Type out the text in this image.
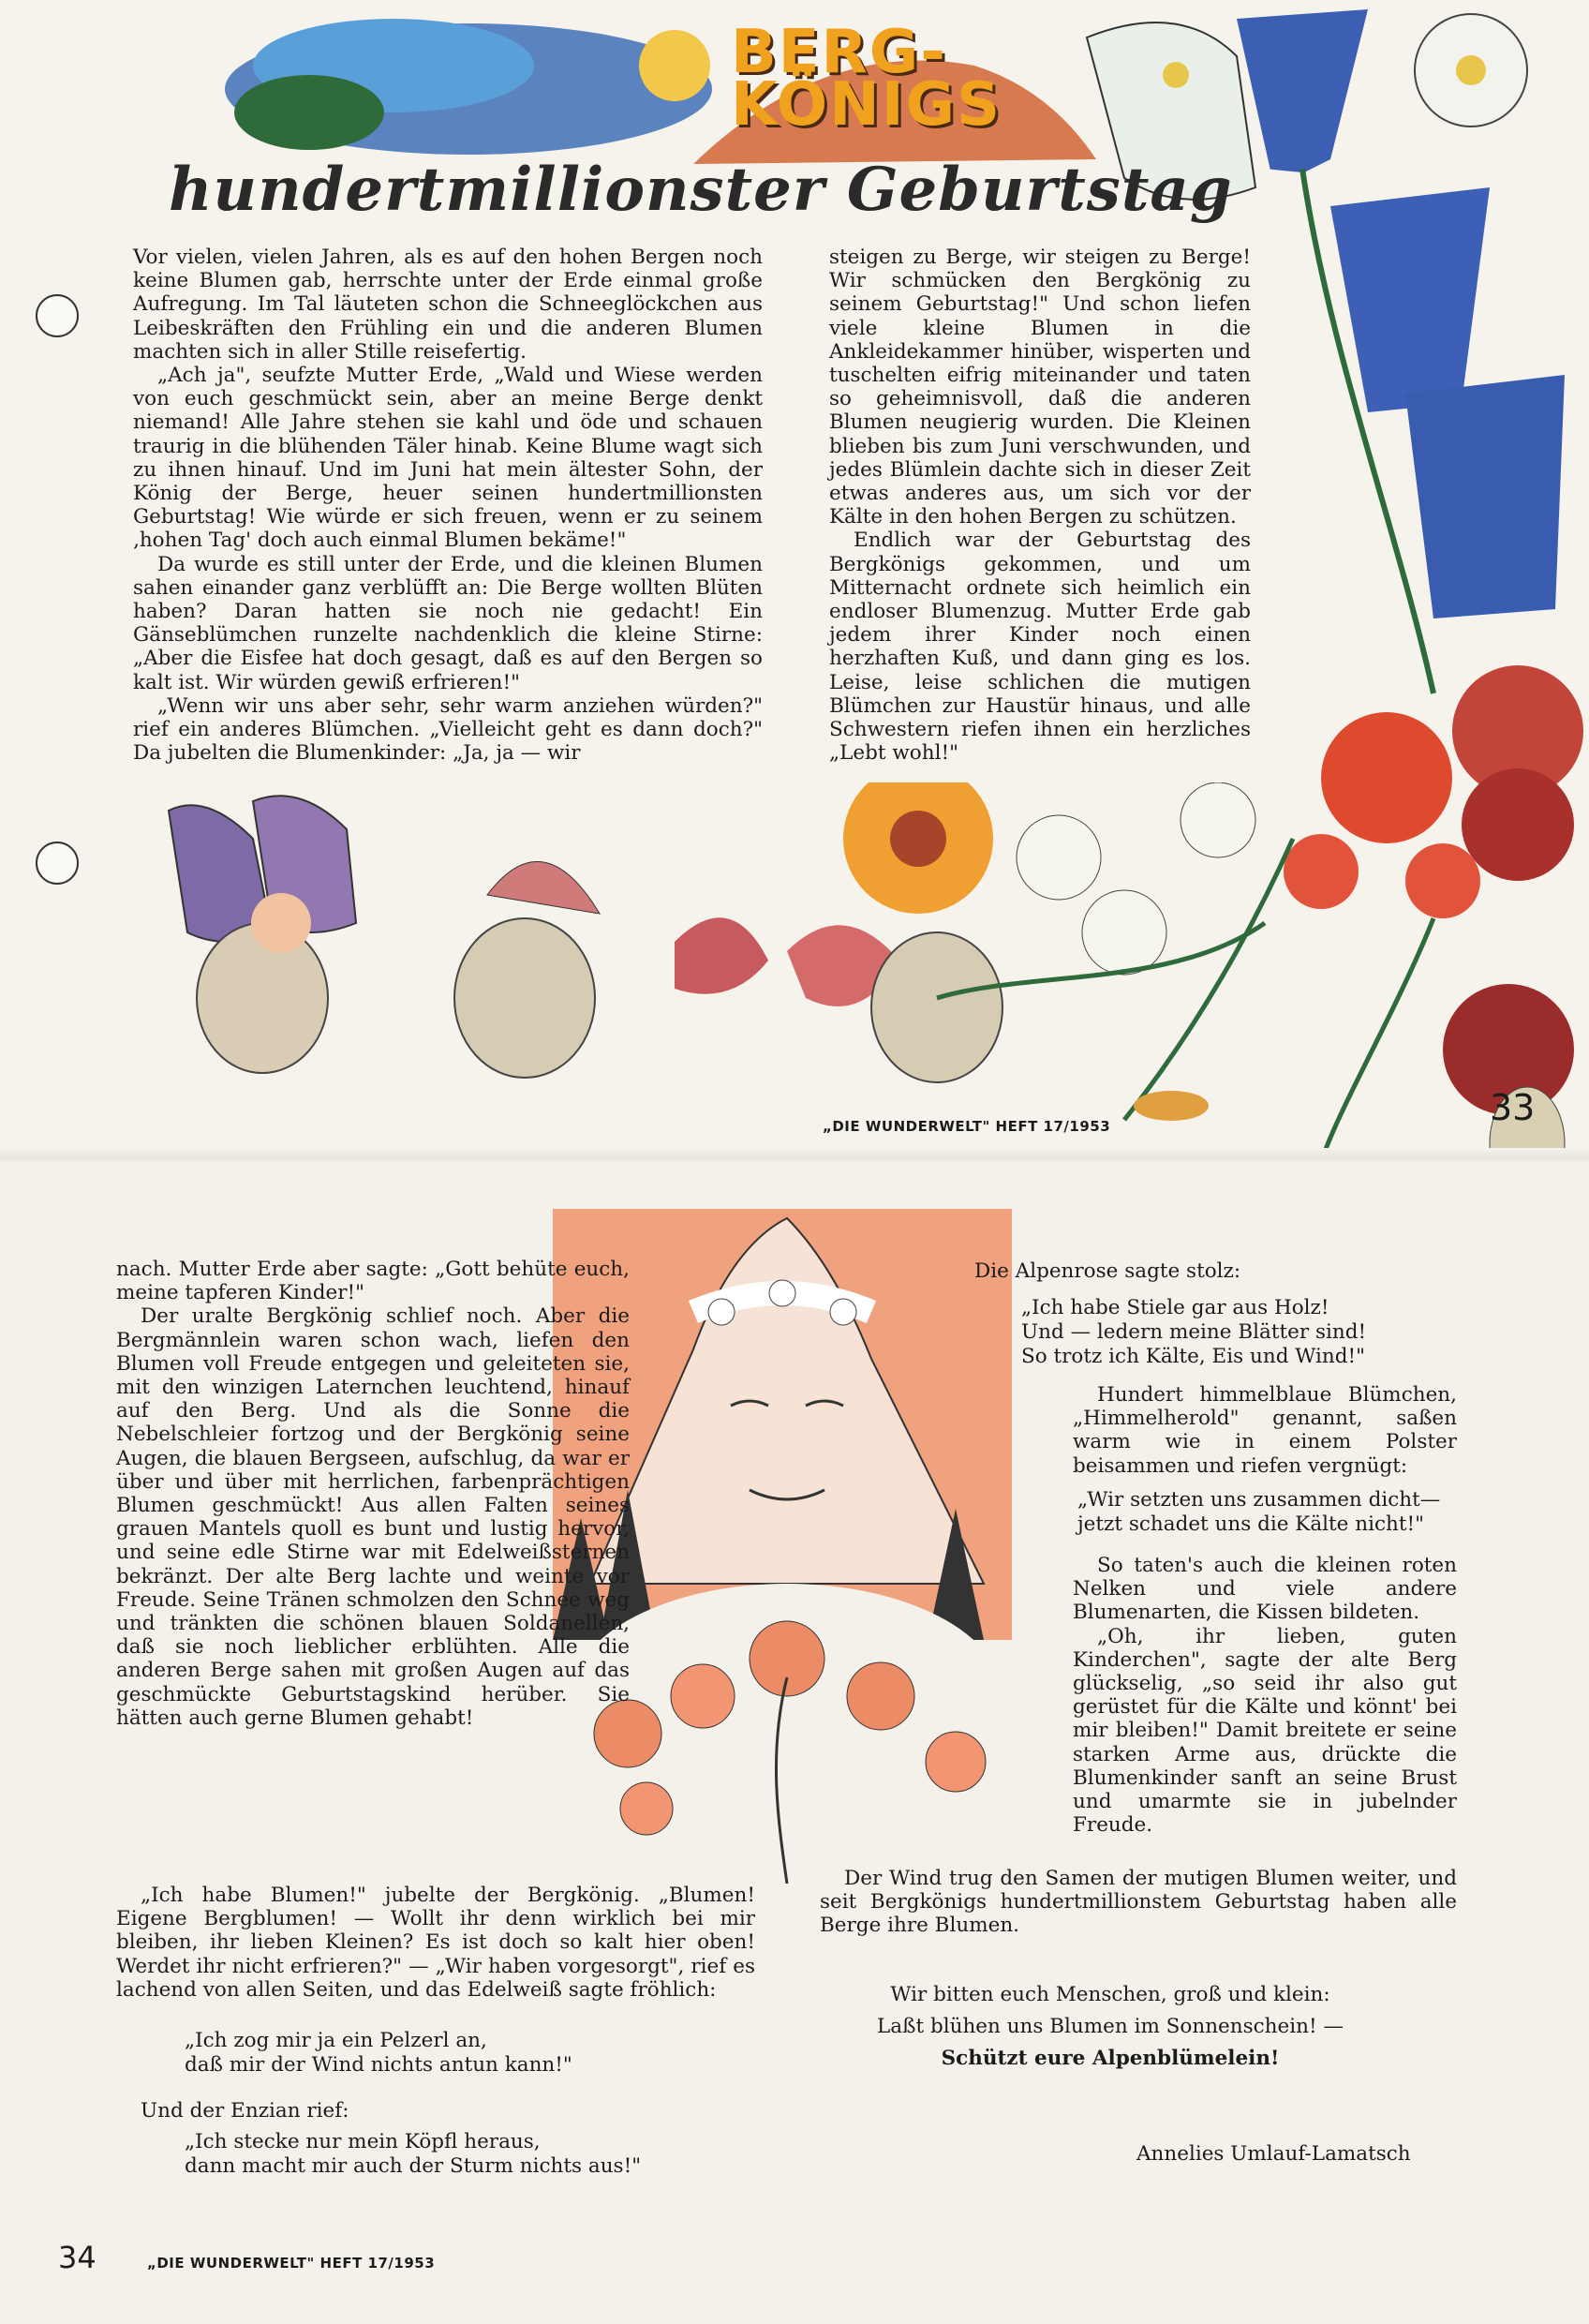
BERG-
KÖNIGS
hundertmillionster Geburtstag

Vor vielen, vielen Jahren, als es auf den hohen Bergen noch keine Blumen gab, herrschte unter der Erde einmal große Aufregung. Im Tal läuteten schon die Schneeglöckchen aus Leibeskräften den Frühling ein und die anderen Blumen machten sich in aller Stille reisefertig.

„Ach ja", seufzte Mutter Erde, „Wald und Wiese werden von euch geschmückt sein, aber an meine Berge denkt niemand! Alle Jahre stehen sie kahl und öde und schauen traurig in die blühenden Täler hinab. Keine Blume wagt sich zu ihnen hinauf. Und im Juni hat mein ältester Sohn, der König der Berge, heuer seinen hundertmillionsten Geburtstag! Wie würde er sich freuen, wenn er zu seinem ‚hohen Tag' doch auch einmal Blumen bekäme!"

Da wurde es still unter der Erde, und die kleinen Blumen sahen einander ganz verblüfft an: Die Berge wollten Blüten haben? Daran hatten sie noch nie gedacht! Ein Gänseblümchen runzelte nachdenklich die kleine Stirne: „Aber die Eisfee hat doch gesagt, daß es auf den Bergen so kalt ist. Wir würden gewiß erfrieren!"

„Wenn wir uns aber sehr, sehr warm anziehen würden?" rief ein anderes Blümchen. „Vielleicht geht es dann doch?" Da jubelten die Blumenkinder: „Ja, ja — wir

steigen zu Berge, wir steigen zu Berge! Wir schmücken den Bergkönig zu seinem Geburtstag!" Und schon liefen viele kleine Blumen in die Ankleidekammer hinüber, wisperten und tuschelten eifrig miteinander und taten so geheimnisvoll, daß die anderen Blumen neugierig wurden. Die Kleinen blieben bis zum Juni verschwunden, und jedes Blümlein dachte sich in dieser Zeit etwas anderes aus, um sich vor der Kälte in den hohen Bergen zu schützen.

Endlich war der Geburtstag des Bergkönigs gekommen, und um Mitternacht ordnete sich heimlich ein endloser Blumenzug. Mutter Erde gab jedem ihrer Kinder noch einen herzhaften Kuß, und dann ging es los. Leise, leise schlichen die mutigen Blümchen zur Haustür hinaus, und alle Schwestern riefen ihnen ein herzliches „Lebt wohl!"

„DIE WUNDERWELT" HEFT 17/1953	33

nach. Mutter Erde aber sagte: „Gott behüte euch, meine tapferen Kinder!"

Der uralte Bergkönig schlief noch. Aber die Bergmännlein waren schon wach, liefen den Blumen voll Freude entgegen und geleiteten sie, mit den winzigen Laternchen leuchtend, hinauf auf den Berg. Und als die Sonne die Nebelschleier fortzog und der Bergkönig seine Augen, die blauen Bergseen, aufschlug, da war er über und über mit herrlichen, farbenprächtigen Blumen geschmückt! Aus allen Falten seines grauen Mantels quoll es bunt und lustig hervor, und seine edle Stirne war mit Edelweißsternen bekränzt. Der alte Berg lachte und weinte vor Freude. Seine Tränen schmolzen den Schnee weg und tränkten die schönen blauen Soldanellen, daß sie noch lieblicher erblühten. Alle die anderen Berge sahen mit großen Augen auf das geschmückte Geburtstagskind herüber. Sie hätten auch gerne Blumen gehabt!

„Ich habe Blumen!" jubelte der Bergkönig. „Blumen! Eigene Bergblumen! — Wollt ihr denn wirklich bei mir bleiben, ihr lieben Kleinen? Es ist doch so kalt hier oben! Werdet ihr nicht erfrieren?" — „Wir haben vorgesorgt", rief es lachend von allen Seiten, und das Edelweiß sagte fröhlich:

„Ich zog mir ja ein Pelzerl an,
daß mir der Wind nichts antun kann!"
Und der Enzian rief:
„Ich stecke nur mein Köpfl heraus,
dann macht mir auch der Sturm nichts aus!"
Die Alpenrose sagte stolz:
„Ich habe Stiele gar aus Holz!
Und — ledern meine Blätter sind!
So trotz ich Kälte, Eis und Wind!"

Hundert himmelblaue Blümchen, „Himmelherold" genannt, saßen warm wie in einem Polster beisammen und riefen vergnügt:

„Wir setzten uns zusammen dicht—
jetzt schadet uns die Kälte nicht!"

So taten's auch die kleinen roten Nelken und viele andere Blumenarten, die Kissen bildeten.

„Oh, ihr lieben, guten Kinderchen", sagte der alte Berg glückselig, „so seid ihr also gut gerüstet für die Kälte und könnt' bei mir bleiben!" Damit breitete er seine starken Arme aus, drückte die Blumenkinder sanft an seine Brust und umarmte sie in jubelnder Freude.

Der Wind trug den Samen der mutigen Blumen weiter, und seit Bergkönigs hundertmillionstem Geburtstag haben alle Berge ihre Blumen.

Wir bitten euch Menschen, groß und klein:
Laßt blühen uns Blumen im Sonnenschein! —
Schützt eure Alpenblümelein!
Annelies Umlauf-Lamatsch
34	„DIE WUNDERWELT" HEFT 17/1953
